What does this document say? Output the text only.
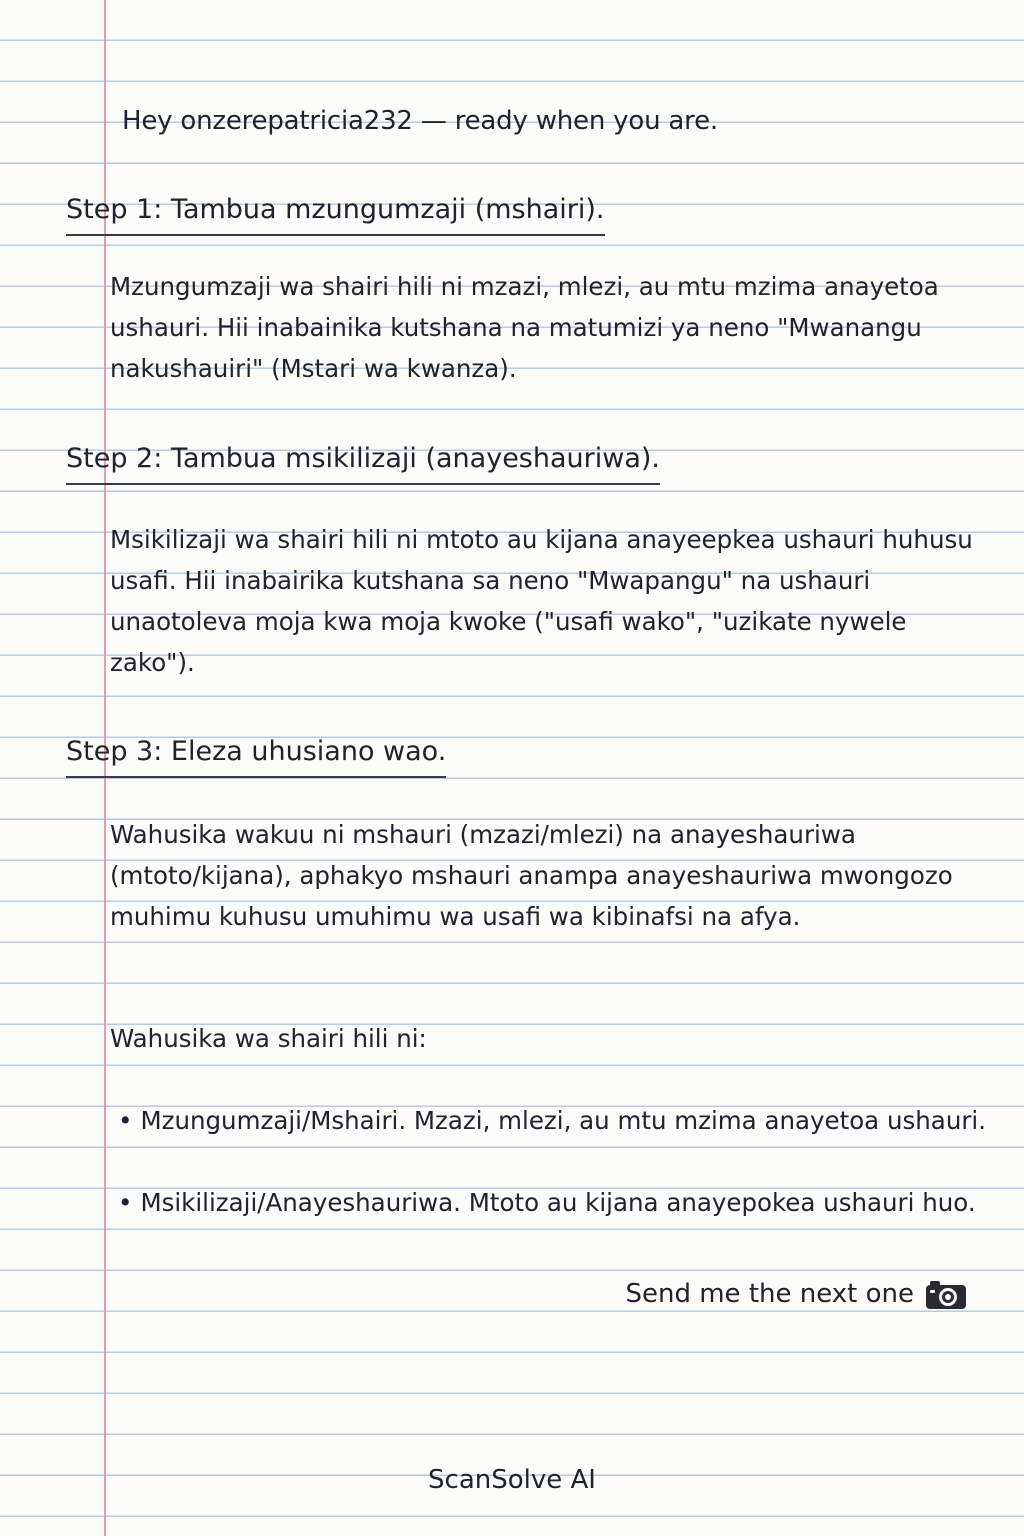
Hey onzerepatricia232 — ready when you are.
Step 1: Tambua mzungumzaji (mshairi).
Mzungumzaji wa shairi hili ni mzazi, mlezi, au mtu mzima anayetoa ushauri. Hii inabainika kutshana na matumizi ya neno "Mwanangu nakushauiri" (Mstari wa kwanza).
Step 2: Tambua msikilizaji (anayeshauriwa).
Msikilizaji wa shairi hili ni mtoto au kijana anayeepkea ushauri huhusu usafi. Hii inabairika kutshana sa neno "Mwapangu" na ushauri unaotoleva moja kwa moja kwoke ("usafi wako", "uzikate nywele zako").
Step 3: Eleza uhusiano wao.
Wahusika wakuu ni mshauri (mzazi/mlezi) na anayeshauriwa (mtoto/kijana), aphakyo mshauri anampa anayeshauriwa mwongozo muhimu kuhusu umuhimu wa usafi wa kibinafsi na afya.
Wahusika wa shairi hili ni:
• Mzungumzaji/Mshairi. Mzazi, mlezi, au mtu mzima anayetoa ushauri.
• Msikilizaji/Anayeshauriwa. Mtoto au kijana anayepokea ushauri huo.
Send me the next one
ScanSolve AI
